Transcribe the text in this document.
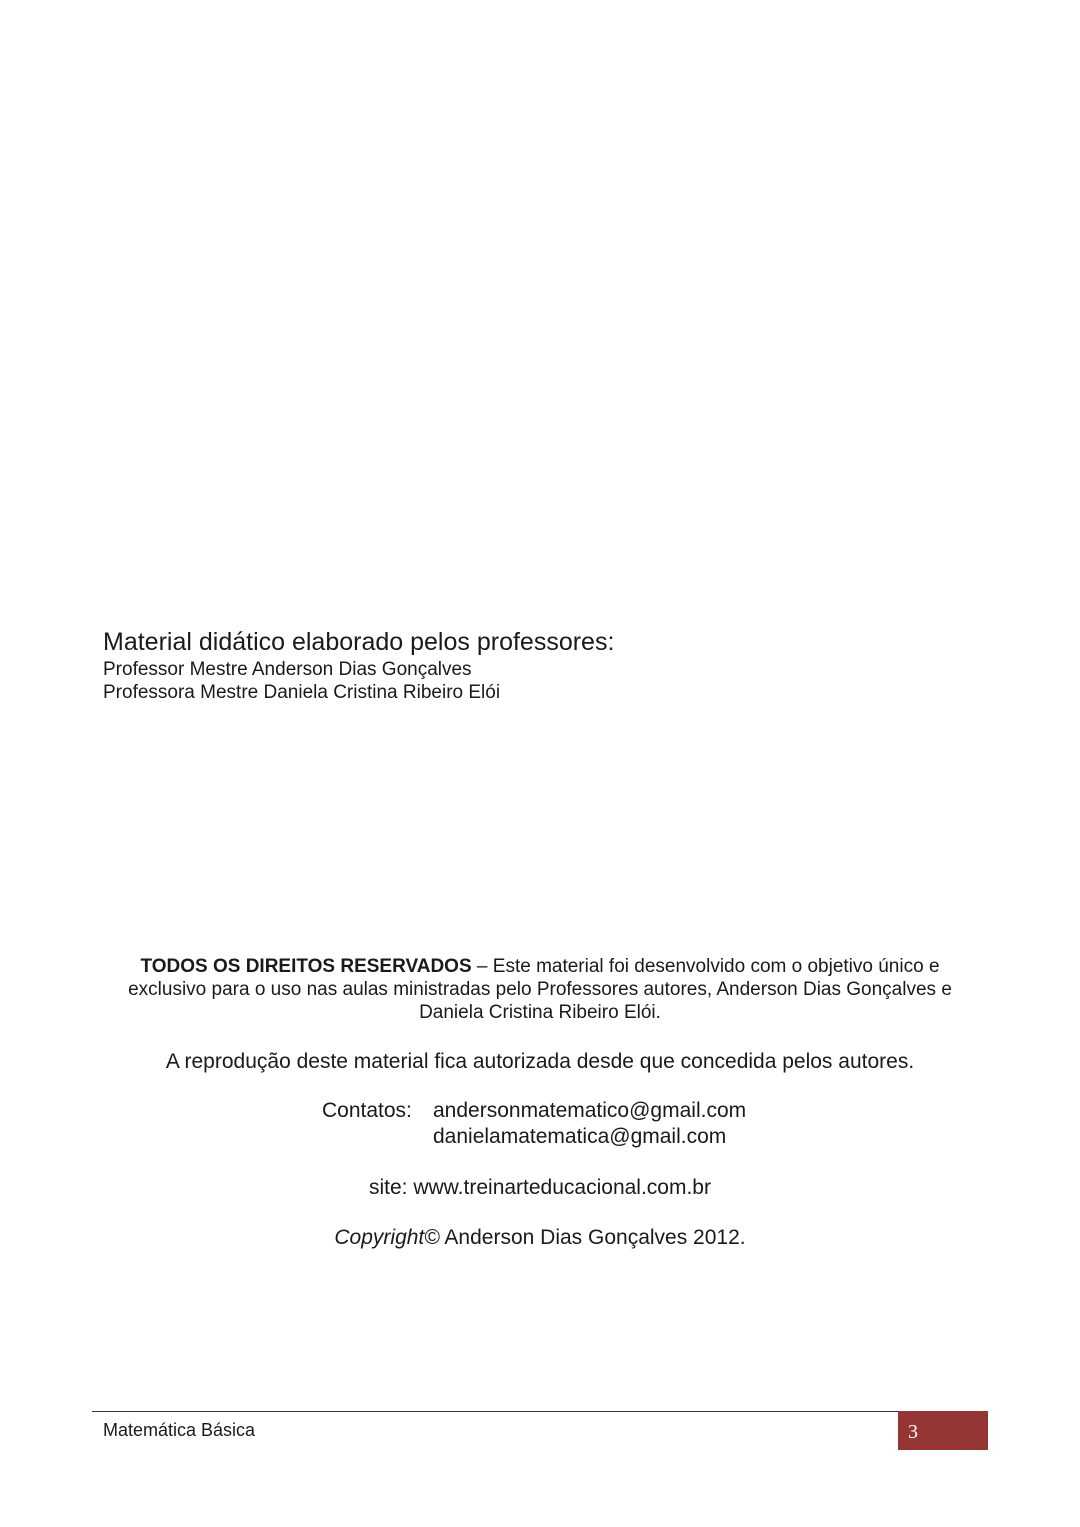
Material didático elaborado pelos professores:

Professor Mestre Anderson Dias Gonçalves

Professora Mestre Daniela Cristina Ribeiro Elói

TODOS OS DIREITOS RESERVADOS – Este material foi desenvolvido com o objetivo único e exclusivo para o uso nas aulas ministradas pelo Professores autores, Anderson Dias Gonçalves e Daniela Cristina Ribeiro Elói.

A reprodução deste material fica autorizada desde que concedida pelos autores.

Contatos:	andersonmatematico@gmail.com
danielamatematica@gmail.com
site: www.treinarteducacional.com.br
Copyright© Anderson Dias Gonçalves 2012.
Matemática Básica	3
